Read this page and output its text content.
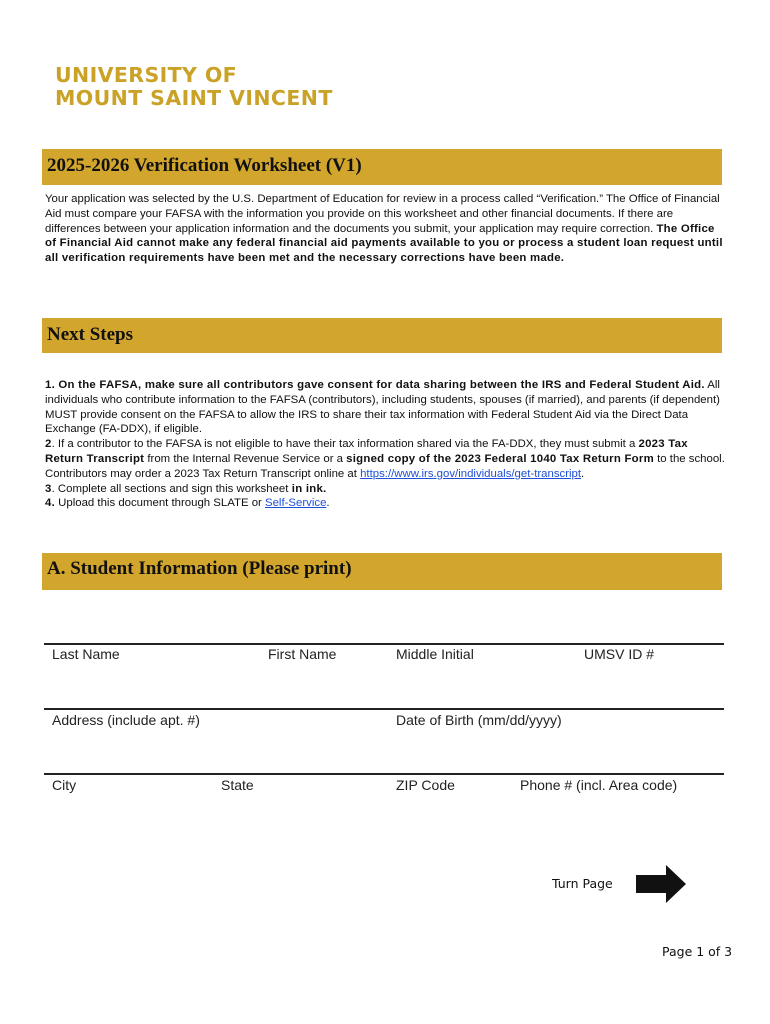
UNIVERSITY OF
MOUNT SAINT VINCENT
2025-2026 Verification Worksheet (V1)
Your application was selected by the U.S. Department of Education for review in a process called “Verification.” The Office of Financial Aid must compare your FAFSA with the information you provide on this worksheet and other financial documents. If there are differences between your application information and the documents you submit, your application may require correction. The Office of Financial Aid cannot make any federal financial aid payments available to you or process a student loan request until all verification requirements have been met and the necessary corrections have been made.
Next Steps
1. On the FAFSA, make sure all contributors gave consent for data sharing between the IRS and Federal Student Aid. All individuals who contribute information to the FAFSA (contributors), including students, spouses (if married), and parents (if dependent) MUST provide consent on the FAFSA to allow the IRS to share their tax information with Federal Student Aid via the Direct Data Exchange (FA-DDX), if eligible.
2. If a contributor to the FAFSA is not eligible to have their tax information shared via the FA-DDX, they must submit a 2023 Tax Return Transcript from the Internal Revenue Service or a signed copy of the 2023 Federal 1040 Tax Return Form to the school. Contributors may order a 2023 Tax Return Transcript online at https://www.irs.gov/individuals/get-transcript.
3. Complete all sections and sign this worksheet in ink.
4. Upload this document through SLATE or Self-Service.
A. Student Information (Please print)
Last Name	First Name	Middle Initial	UMSV ID #
Address (include apt. #)	Date of Birth (mm/dd/yyyy)
City	State	ZIP Code	Phone # (incl. Area code)
Turn Page
Page 1 of 3
